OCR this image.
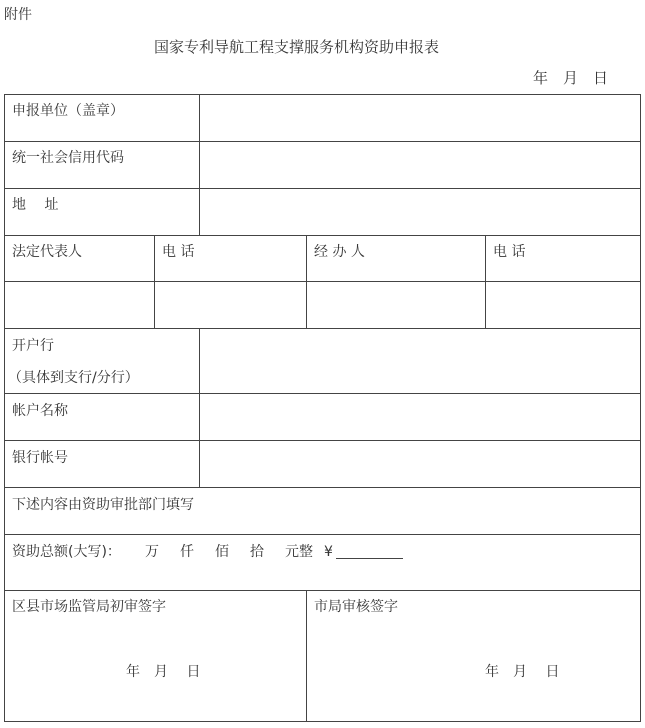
附件
国家专利导航工程支撑服务机构资助申报表
年　月　日
申报单位（盖章）
统一社会信用代码
地　 址
法定代表人	电 话	经 办 人	电 话
开户行
（具体到支行/分行）
帐户名称
银行帐号
下述内容由资助审批部门填写
资助总额(大写)： 万 仟 佰 拾 元整 ¥
区县市场监管局初审签字	市局审核签字
年　月　 日	年　月　 日
